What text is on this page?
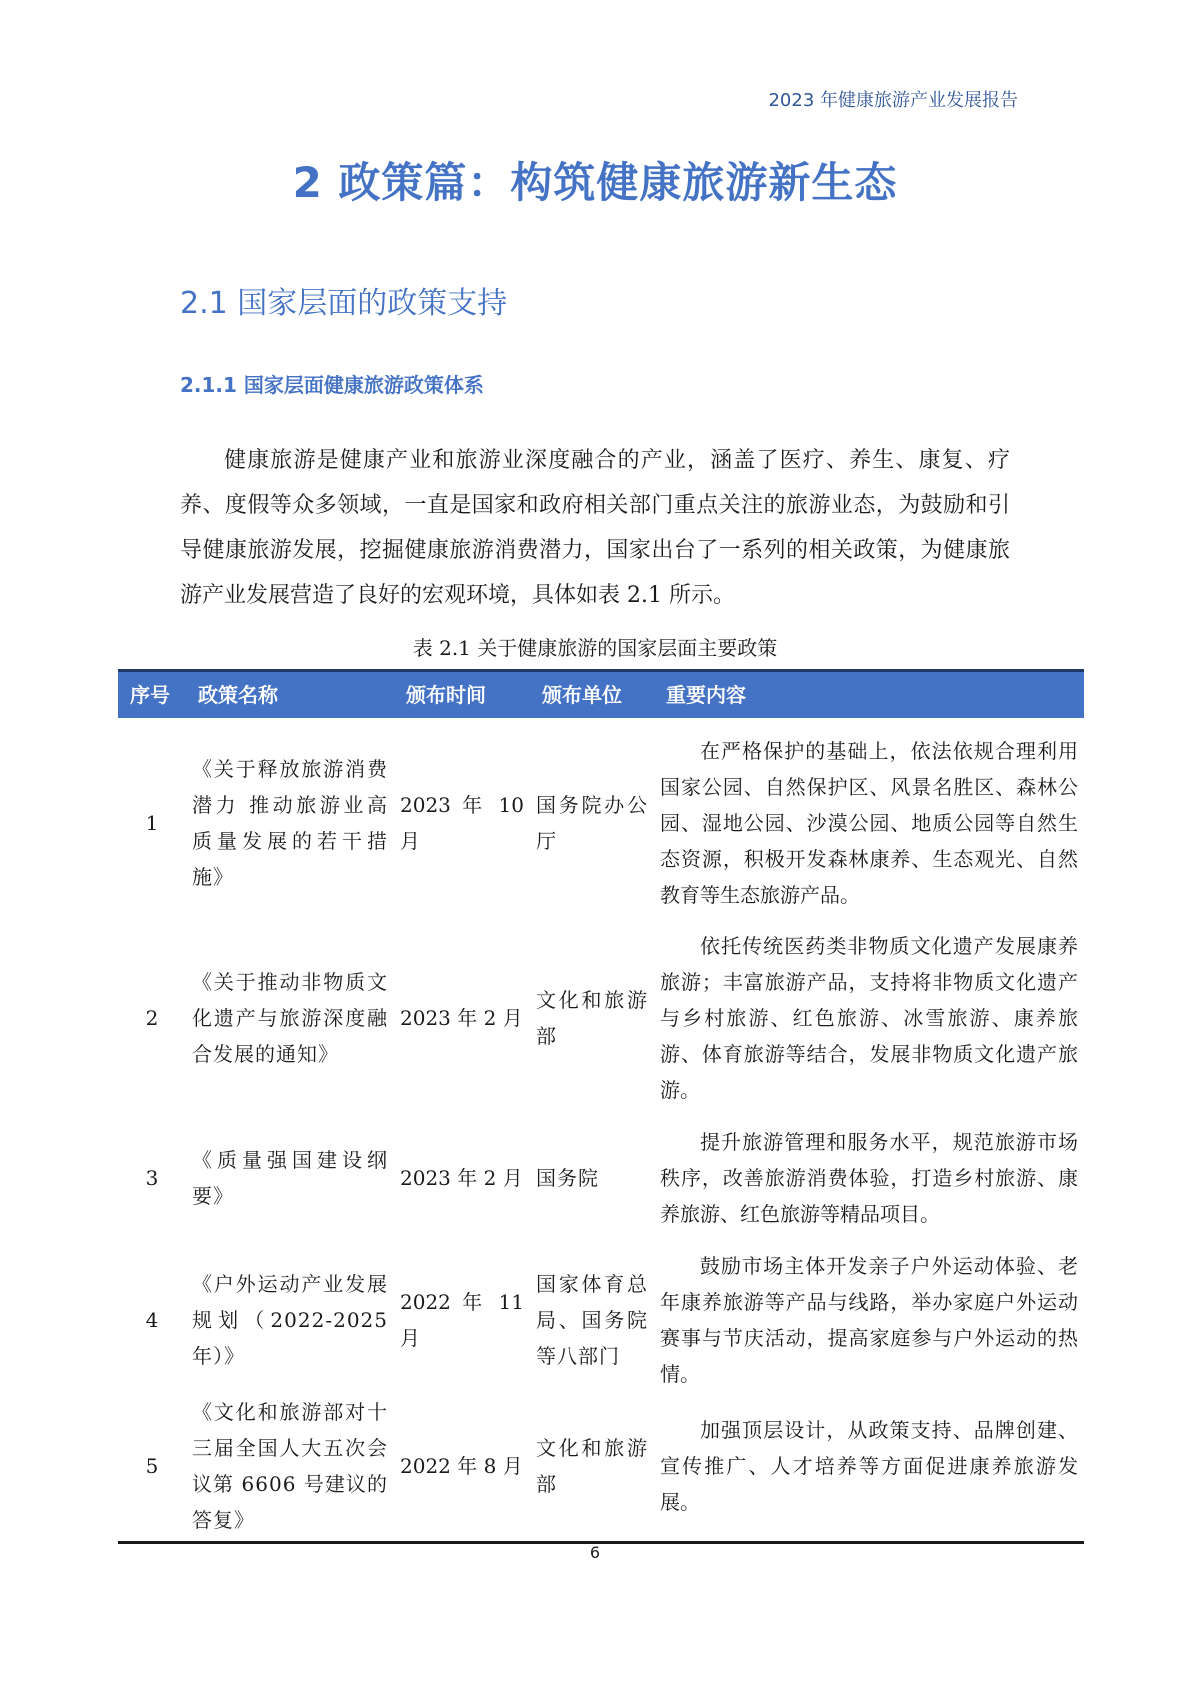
2023 年健康旅游产业发展报告
2 政策篇：构筑健康旅游新生态
2.1 国家层面的政策支持
2.1.1 国家层面健康旅游政策体系

健康旅游是健康产业和旅游业深度融合的产业，涵盖了医疗、养生、康复、疗养、度假等众多领域，一直是国家和政府相关部门重点关注的旅游业态，为鼓励和引导健康旅游发展，挖掘健康旅游消费潜力，国家出台了一系列的相关政策，为健康旅游产业发展营造了良好的宏观环境，具体如表 2.1 所示。

表 2.1 关于健康旅游的国家层面主要政策
序号	政策名称	颁布时间	颁布单位	重要内容
1	《关于释放旅游消费潜力 推动旅游业高质量发展的若干措施》	2023 年 10 月	国务院办公厅	在严格保护的基础上，依法依规合理利用国家公园、自然保护区、风景名胜区、森林公园、湿地公园、沙漠公园、地质公园等自然生态资源，积极开发森林康养、生态观光、自然教育等生态旅游产品。
2	《关于推动非物质文化遗产与旅游深度融合发展的通知》	2023 年 2 月	文化和旅游部	依托传统医药类非物质文化遗产发展康养旅游；丰富旅游产品，支持将非物质文化遗产与乡村旅游、红色旅游、冰雪旅游、康养旅游、体育旅游等结合，发展非物质文化遗产旅游。
3	《质量强国建设纲要》	2023 年 2 月	国务院	提升旅游管理和服务水平，规范旅游市场秩序，改善旅游消费体验，打造乡村旅游、康养旅游、红色旅游等精品项目。
4	《户外运动产业发展规划（2022-2025 年）》	2022 年 11 月	国家体育总局、国务院等八部门	鼓励市场主体开发亲子户外运动体验、老年康养旅游等产品与线路，举办家庭户外运动赛事与节庆活动，提高家庭参与户外运动的热情。
5	《文化和旅游部对十三届全国人大五次会议第 6606 号建议的答复》	2022 年 8 月	文化和旅游部	加强顶层设计，从政策支持、品牌创建、宣传推广、人才培养等方面促进康养旅游发展。
6
